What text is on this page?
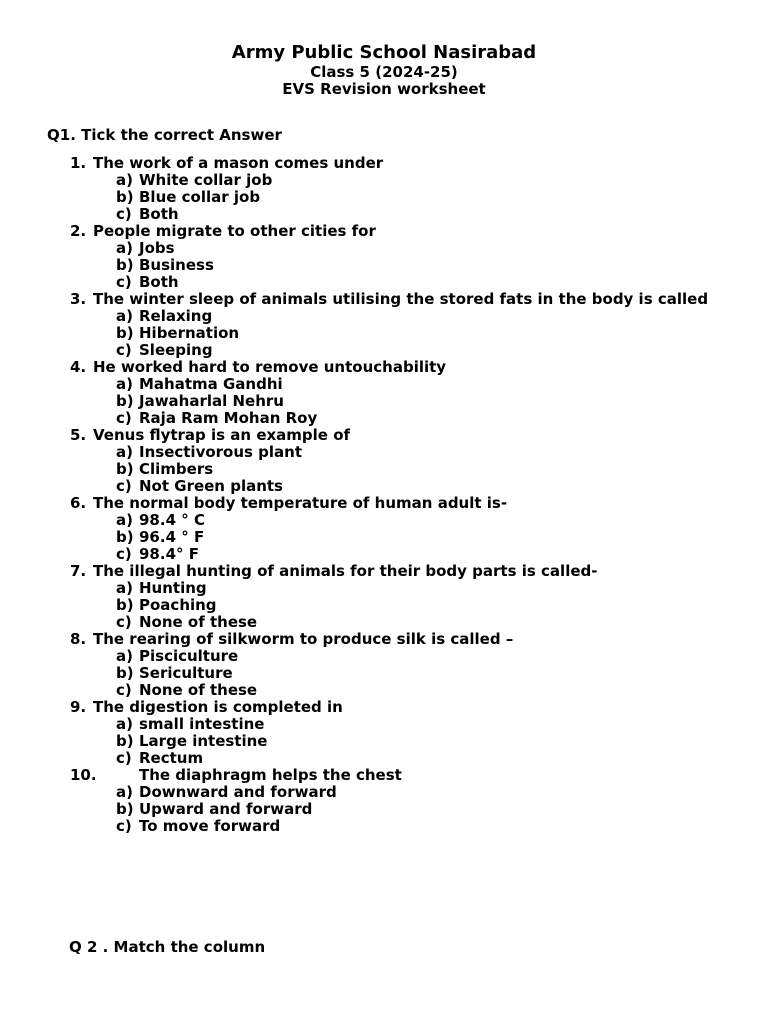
Army Public School Nasirabad
Class 5 (2024-25)
EVS Revision worksheet
Q1. Tick the correct Answer
1. The work of a mason comes under
a) White collar job
b) Blue collar job
c) Both
2. People migrate to other cities for
a) Jobs
b) Business
c) Both
3. The winter sleep of animals utilising the stored fats in the body is called
a) Relaxing
b) Hibernation
c) Sleeping
4. He worked hard to remove untouchability
a) Mahatma Gandhi
b) Jawaharlal Nehru
c) Raja Ram Mohan Roy
5. Venus flytrap is an example of
a) Insectivorous plant
b) Climbers
c) Not Green plants
6. The normal body temperature of human adult is-
a) 98.4 ° C
b) 96.4 ° F
c) 98.4° F
7. The illegal hunting of animals for their body parts is called-
a) Hunting
b) Poaching
c) None of these
8. The rearing of silkworm to produce silk is called –
a) Pisciculture
b) Sericulture
c) None of these
9. The digestion is completed in
a) small intestine
b) Large intestine
c) Rectum
10.	The diaphragm helps the chest
a) Downward and forward
b) Upward and forward
c) To move forward
Q 2 . Match the column
